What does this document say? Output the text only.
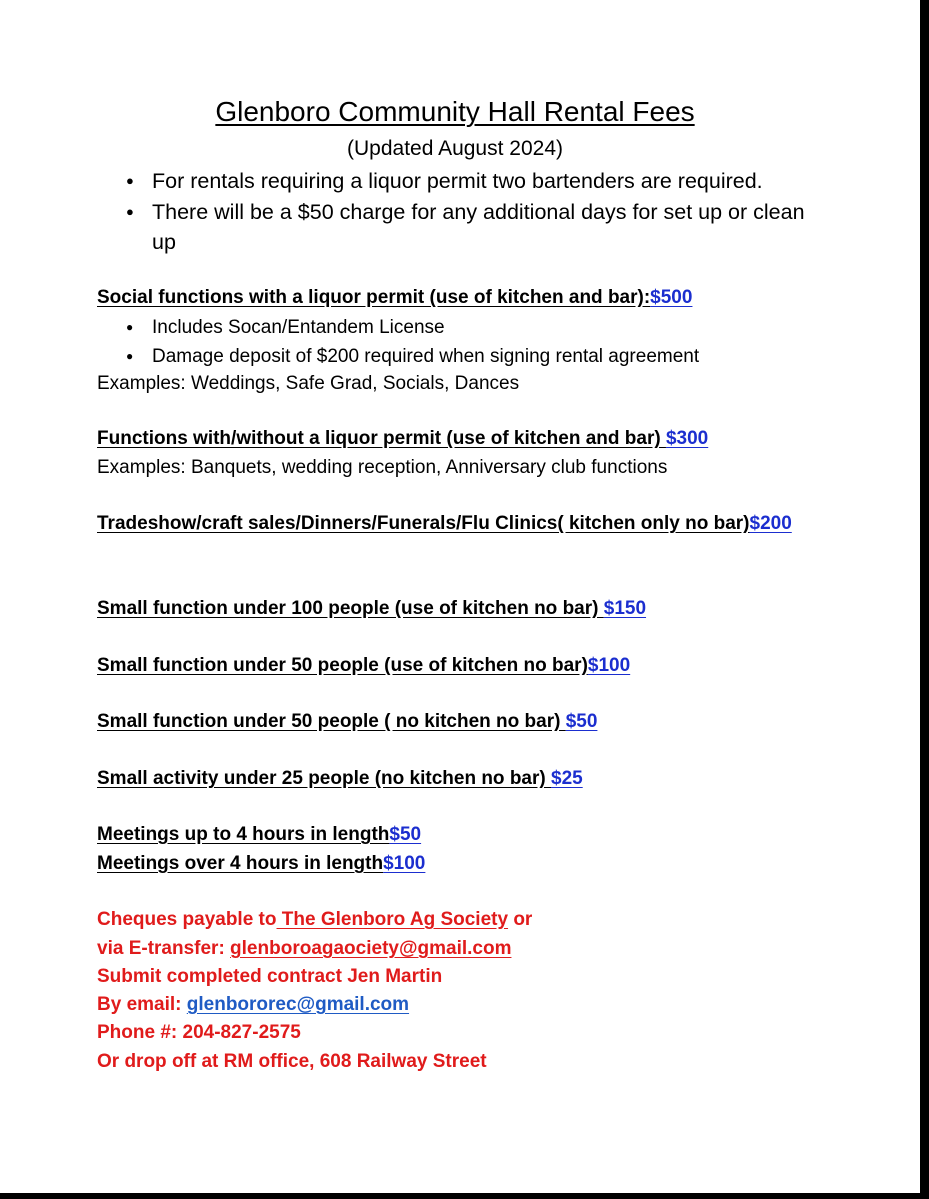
Glenboro Community Hall Rental Fees
(Updated August 2024)
● For rentals requiring a liquor permit two bartenders are required.
● There will be a $50 charge for any additional days for set up or clean up
Social functions with a liquor permit (use of kitchen and bar):$500
● Includes Socan/Entandem License
● Damage deposit of $200 required when signing rental agreement
Examples: Weddings, Safe Grad, Socials, Dances
Functions with/without a liquor permit (use of kitchen and bar) $300
Examples: Banquets, wedding reception, Anniversary club functions
Tradeshow/craft sales/Dinners/Funerals/Flu Clinics( kitchen only no bar)$200
Small function under 100 people (use of kitchen no bar) $150
Small function under 50 people (use of kitchen no bar)$100
Small function under 50 people ( no kitchen no bar) $50
Small activity under 25 people (no kitchen no bar) $25
Meetings up to 4 hours in length$50
Meetings over 4 hours in length$100
Cheques payable to The Glenboro Ag Society or
via E-transfer: glenboroagaociety@gmail.com
Submit completed contract Jen Martin
By email: glenbororec@gmail.com
Phone #: 204-827-2575
Or drop off at RM office, 608 Railway Street
